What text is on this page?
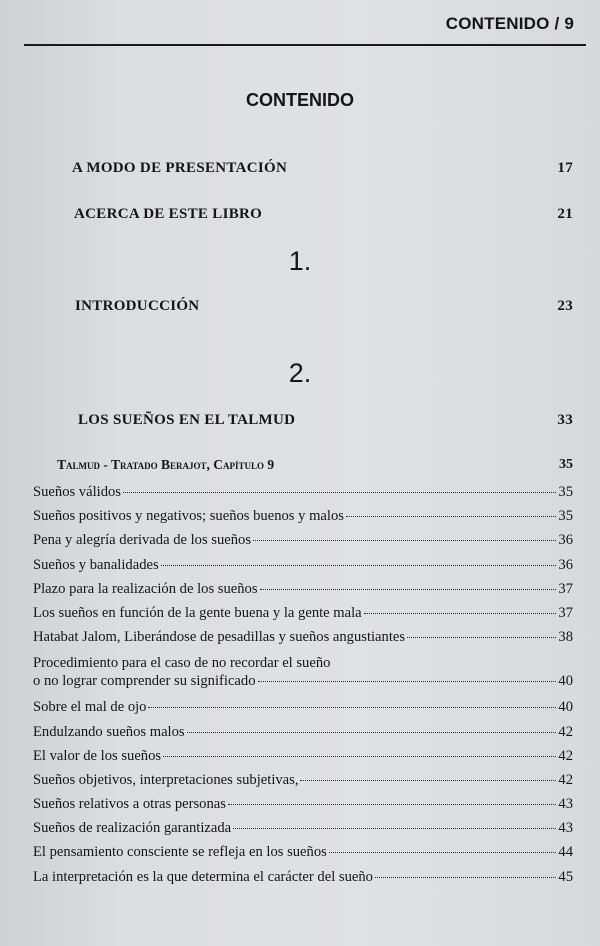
CONTENIDO / 9
CONTENIDO
A MODO DE PRESENTACIÓN	17
ACERCA DE ESTE LIBRO	21
1.
INTRODUCCIÓN	23
2.
LOS SUEÑOS EN EL TALMUD	33
Talmud - Tratado Berajot, Capítulo 9	35
Sueños válidos	35
Sueños positivos y negativos; sueños buenos y malos	35
Pena y alegría derivada de los sueños	36
Sueños y banalidades	36
Plazo para la realización de los sueños	37
Los sueños en función de la gente buena y la gente mala	37
Hatabat Jalom, Liberándose de pesadillas y sueños angustiantes	38
Procedimiento para el caso de no recordar el sueño
o no lograr comprender su significado	40
Sobre el mal de ojo	40
Endulzando sueños malos	42
El valor de los sueños	42
Sueños objetivos, interpretaciones subjetivas,	42
Sueños relativos a otras personas	43
Sueños de realización garantizada	43
El pensamiento consciente se refleja en los sueños	44
La interpretación es la que determina el carácter del sueño	45
